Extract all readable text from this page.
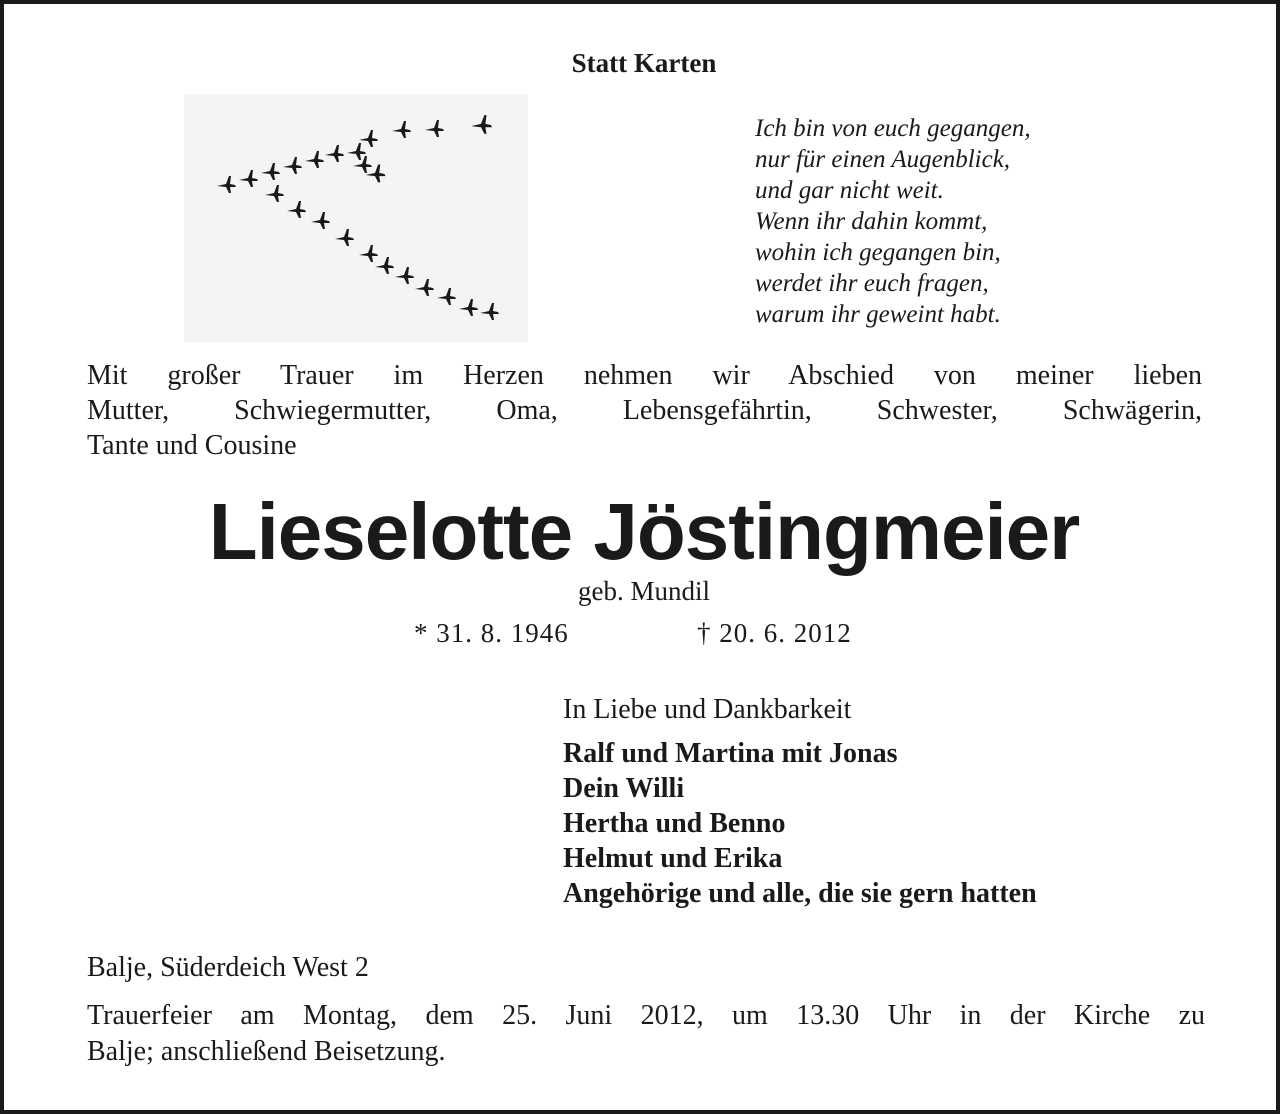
Statt Karten
Ich bin von euch gegangen,
nur für einen Augenblick,
und gar nicht weit.
Wenn ihr dahin kommt,
wohin ich gegangen bin,
werdet ihr euch fragen,
warum ihr geweint habt.
Mit großer Trauer im Herzen nehmen wir Abschied von meiner lieben
Mutter, Schwiegermutter, Oma, Lebensgefährtin, Schwester, Schwägerin,
Tante und Cousine
Lieselotte Jöstingmeier
geb. Mundil
* 31. 8. 1946	† 20. 6. 2012
In Liebe und Dankbarkeit
Ralf und Martina mit Jonas
Dein Willi
Hertha und Benno
Helmut und Erika
Angehörige und alle, die sie gern hatten
Balje, Süderdeich West 2
Trauerfeier am Montag, dem 25. Juni 2012, um 13.30 Uhr in der Kirche zu
Balje; anschließend Beisetzung.
